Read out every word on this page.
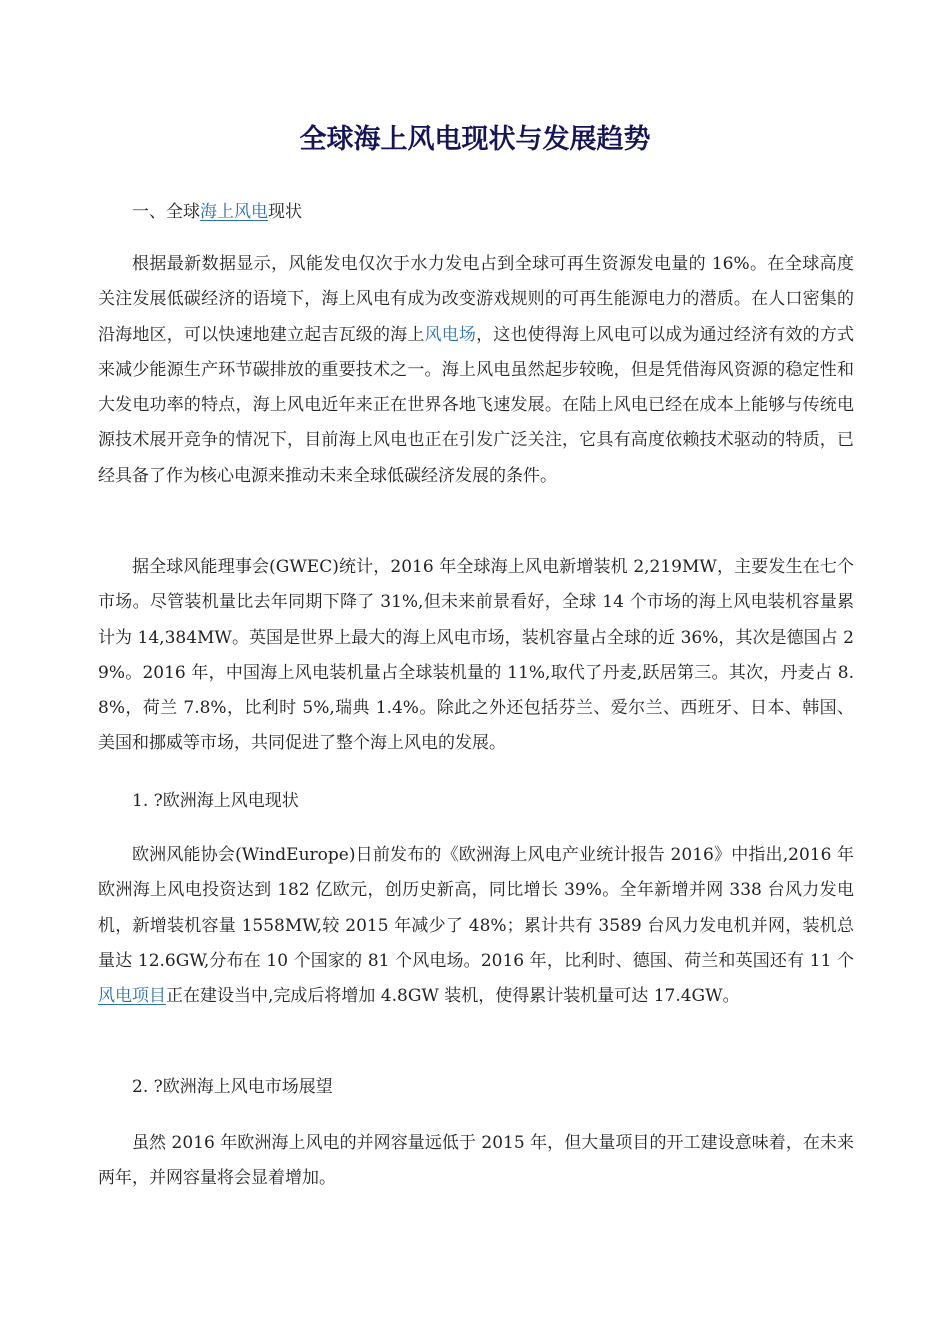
全球海上风电现状与发展趋势

一、全球海上风电现状

根据最新数据显示，风能发电仅次于水力发电占到全球可再生资源发电量的 16%。在全球高度关注发展低碳经济的语境下，海上风电有成为改变游戏规则的可再生能源电力的潜质。在人口密集的沿海地区，可以快速地建立起吉瓦级的海上风电场，这也使得海上风电可以成为通过经济有效的方式来减少能源生产环节碳排放的重要技术之一。海上风电虽然起步较晚，但是凭借海风资源的稳定性和大发电功率的特点，海上风电近年来正在世界各地飞速发展。在陆上风电已经在成本上能够与传统电源技术展开竞争的情况下，目前海上风电也正在引发广泛关注，它具有高度依赖技术驱动的特质，已经具备了作为核心电源来推动未来全球低碳经济发展的条件。

据全球风能理事会(GWEC)统计，2016 年全球海上风电新增装机 2,219MW，主要发生在七个市场。尽管装机量比去年同期下降了 31%,但未来前景看好，全球 14 个市场的海上风电装机容量累计为 14,384MW。英国是世界上最大的海上风电市场，装机容量占全球的近 36%，其次是德国占 29%。2016 年，中国海上风电装机量占全球装机量的 11%,取代了丹麦,跃居第三。其次，丹麦占 8.8%，荷兰 7.8%，比利时 5%,瑞典 1.4%。除此之外还包括芬兰、爱尔兰、西班牙、日本、韩国、美国和挪威等市场，共同促进了整个海上风电的发展。

1. ?欧洲海上风电现状

欧洲风能协会(WindEurope)日前发布的《欧洲海上风电产业统计报告 2016》中指出,2016 年欧洲海上风电投资达到 182 亿欧元，创历史新高，同比增长 39%。全年新增并网 338 台风力发电机，新增装机容量 1558MW,较 2015 年减少了 48%；累计共有 3589 台风力发电机并网，装机总量达 12.6GW,分布在 10 个国家的 81 个风电场。2016 年，比利时、德国、荷兰和英国还有 11 个风电项目正在建设当中,完成后将增加 4.8GW 装机，使得累计装机量可达 17.4GW。

2. ?欧洲海上风电市场展望

虽然 2016 年欧洲海上风电的并网容量远低于 2015 年，但大量项目的开工建设意味着，在未来两年，并网容量将会显着增加。
